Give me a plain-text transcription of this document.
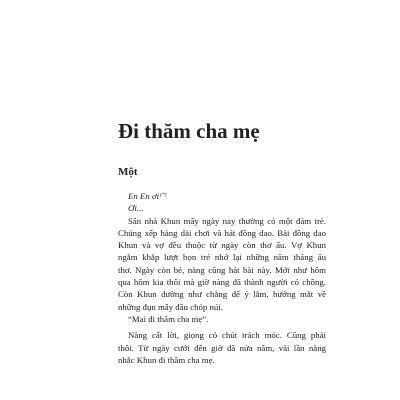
Đi thăm cha mẹ
Một
En En ơi(*)
Ơi...

Sân nhà Khun mấy ngày nay thường có một đám trẻ.
Chúng xếp hàng dài chơi và hát đồng dao. Bài đồng dao
Khun và vợ đều thuộc từ ngày còn thơ ấu. Vợ Khun
ngắm khắp lượt bọn trẻ nhớ lại những năm tháng ấu
thơ. Ngày còn bé, nàng cũng hát bài này. Mới như hôm
qua hôm kia thôi mà giờ nàng đã thành người có chồng.
Còn Khun dường như chẳng để ý lắm, hướng mắt về
những đụn mây đầu chóp núi.

“Mai đi thăm cha mẹ”.

Nàng cất lời, giọng có chút trách móc. Cũng phải
thôi. Từ ngày cưới đến giờ đã nửa năm, vài lần nàng
nhắc Khun đi thăm cha mẹ.
